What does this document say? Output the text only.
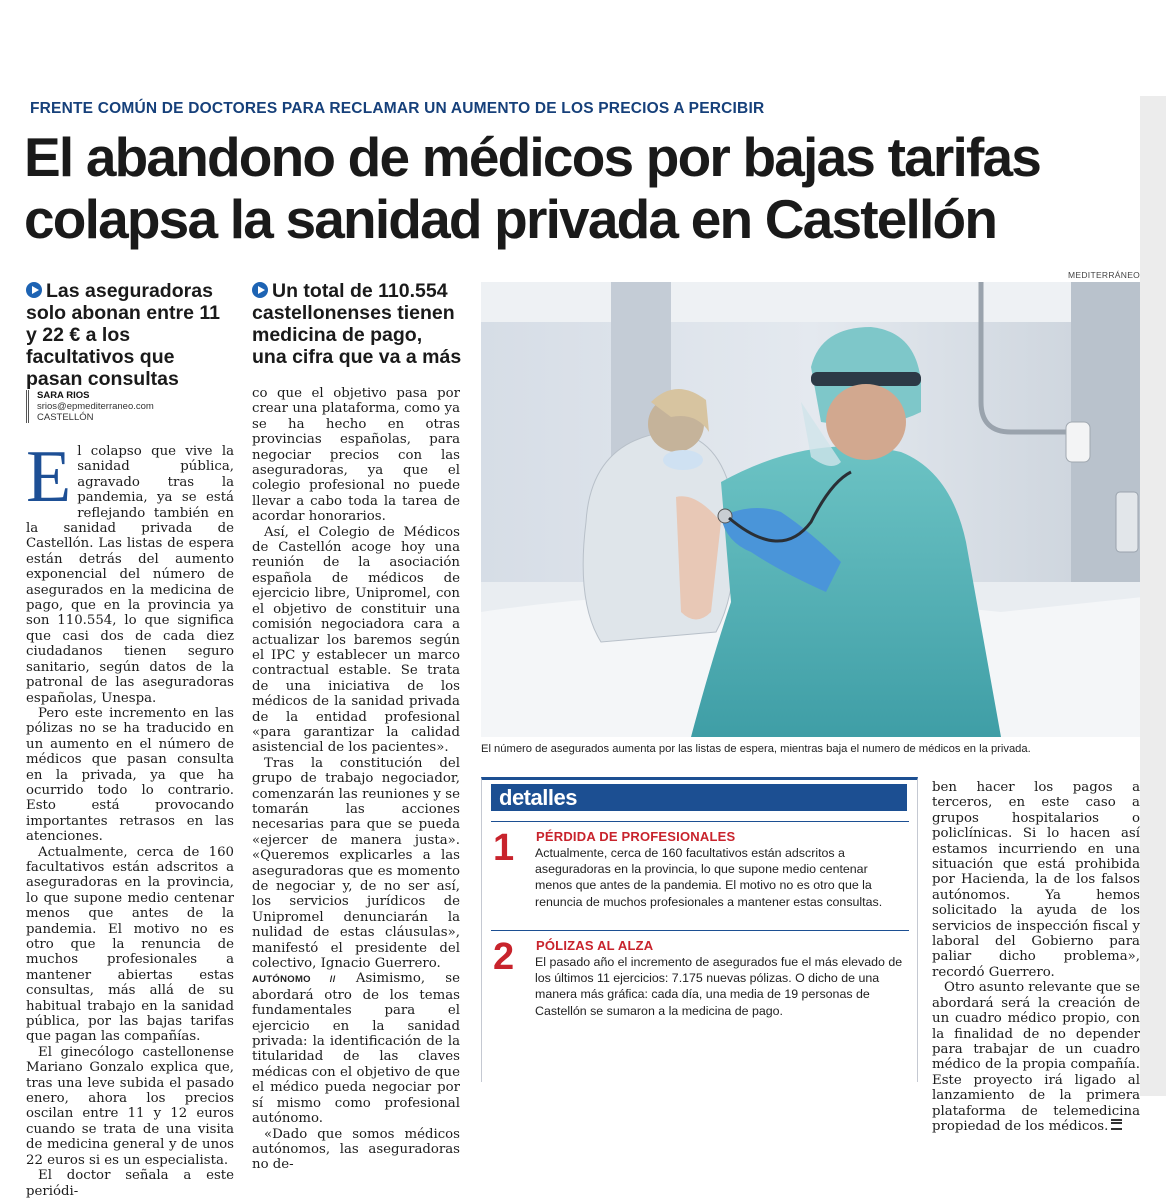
FRENTE COMÚN DE DOCTORES PARA RECLAMAR UN AUMENTO DE LOS PRECIOS A PERCIBIR
El abandono de médicos por bajas tarifas
colapsa la sanidad privada en Castellón
MEDITERRÁNEO
Las aseguradoras solo abonan entre 11 y 22 € a los facultativos que pasan consultas
Un total de 110.554 castellonenses tienen medicina de pago, una cifra que va a más
SARA RIOS
srios@epmediterraneo.com
CASTELLÓN

El colapso que vive la sanidad pública, agravado tras la pandemia, ya se está reflejando también en la sanidad privada de Castellón. Las listas de espera están detrás del aumento exponencial del número de asegurados en la medicina de pago, que en la provincia ya son 110.554, lo que significa que casi dos de cada diez ciudadanos tienen seguro sanitario, según datos de la patronal de las aseguradoras españolas, Unespa.

Pero este incremento en las pólizas no se ha traducido en un aumento en el número de médicos que pasan consulta en la privada, ya que ha ocurrido todo lo contrario. Esto está provocando importantes retrasos en las atenciones.

Actualmente, cerca de 160 facultativos están adscritos a aseguradoras en la provincia, lo que supone medio centenar menos que antes de la pandemia. El motivo no es otro que la renuncia de muchos profesionales a mantener abiertas estas consultas, más allá de su habitual trabajo en la sanidad pública, por las bajas tarifas que pagan las compañías.

El ginecólogo castellonense Mariano Gonzalo explica que, tras una leve subida el pasado enero, ahora los precios oscilan entre 11 y 12 euros cuando se trata de una visita de medicina general y de unos 22 euros si es un especialista.

El doctor señala a este periódi-

co que el objetivo pasa por crear una plataforma, como ya se ha hecho en otras provincias españolas, para negociar precios con las aseguradoras, ya que el colegio profesional no puede llevar a cabo toda la tarea de acordar honorarios.

Así, el Colegio de Médicos de Castellón acoge hoy una reunión de la asociación española de médicos de ejercicio libre, Unipromel, con el objetivo de constituir una comisión negociadora cara a actualizar los baremos según el IPC y establecer un marco contractual estable. Se trata de una iniciativa de los médicos de la sanidad privada de la entidad profesional «para garantizar la calidad asistencial de los pacientes».

Tras la constitución del grupo de trabajo negociador, comenzarán las reuniones y se tomarán las acciones necesarias para que se pueda «ejercer de manera justa». «Queremos explicarles a las aseguradoras que es momento de negociar y, de no ser así, los servicios jurídicos de Unipromel denunciarán la nulidad de estas cláusulas», manifestó el presidente del colectivo, Ignacio Guerrero.

AUTÓNOMO // Asimismo, se abordará otro de los temas fundamentales para el ejercicio en la sanidad privada: la identificación de la titularidad de las claves médicas con el objetivo de que el médico pueda negociar por sí mismo como profesional autónomo.

«Dado que somos médicos autónomos, las aseguradoras no de-

El número de asegurados aumenta por las listas de espera, mientras baja el numero de médicos en la privada.
detalles
1 PÉRDIDA DE PROFESIONALES
Actualmente, cerca de 160 facultativos están adscritos a aseguradoras en la provincia, lo que supone medio centenar menos que antes de la pandemia. El motivo no es otro que la renuncia de muchos profesionales a mantener estas consultas.
2 PÓLIZAS AL ALZA
El pasado año el incremento de asegurados fue el más elevado de los últimos 11 ejercicios: 7.175 nuevas pólizas. O dicho de una manera más gráfica: cada día, una media de 19 personas de Castellón se sumaron a la medicina de pago.

ben hacer los pagos a terceros, en este caso a grupos hospitalarios o policlínicas. Si lo hacen así estamos incurriendo en una situación que está prohibida por Hacienda, la de los falsos autónomos. Ya hemos solicitado la ayuda de los servicios de inspección fiscal y laboral del Gobierno para paliar dicho problema», recordó Guerrero.

Otro asunto relevante que se abordará será la creación de un cuadro médico propio, con la finalidad de no depender para trabajar de un cuadro médico de la propia compañía. Este proyecto irá ligado al lanzamiento de la primera plataforma de telemedicina propiedad de los médicos.
